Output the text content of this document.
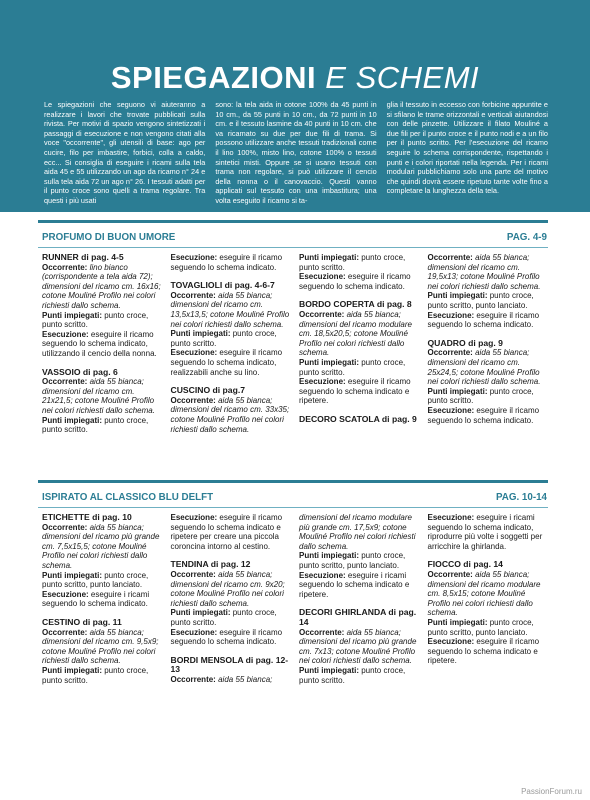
SPIEGAZIONI E SCHEMI
Le spiegazioni che seguono vi aiuteranno a realizzare i lavori che trovate pubblicati sulla rivista. Per motivi di spazio vengono sintetizzati i passaggi di esecuzione e non vengono citati alla voce "occorrente", gli utensili di base: ago per cucire, filo per imbastire, forbici, colla a caldo, ecc... Si consiglia di eseguire i ricami sulla tela aida 45 e 55 utilizzando un ago da ricamo n° 24 e sulla tela aida 72 un ago n° 26. I tessuti adatti per il punto croce sono quelli a trama regolare. Tra questi i più usati
sono: la tela aida in cotone 100% da 45 punti in 10 cm., da 55 punti in 10 cm., da 72 punti in 10 cm. e il tessuto lasmine da 40 punti in 10 cm. che va ricamato su due per due fili di trama. Si possono utilizzare anche tessuti tradizionali come il lino 100%, misto lino, cotone 100% o tessuti sintetici misti. Oppure se si usano tessuti con trama non regolare, si può utilizzare il cencio della nonna o il canovaccio. Questi vanno applicati sul tessuto con una imbastitura; una volta eseguito il ricamo si ta-
glia il tessuto in eccesso con forbicine appuntite e si sfilano le trame orizzontali e verticali aiutandosi con delle pinzette. Utilizzare il filato Mouliné a due fili per il punto croce e il punto nodi e a un filo per il punto scritto. Per l'esecuzione del ricamo seguire lo schema corrispondente, rispettando i punti e i colori riportati nella legenda. Per i ricami modulari pubblichiamo solo una parte del motivo che quindi dovrà essere ripetuto tante volte fino a completare la lunghezza della tela.
PROFUMO DI BUON UMORE	PAG. 4-9
RUNNER di pag. 4-5
Occorrente: lino bianco (corrispondente a tela aida 72); dimensioni del ricamo cm. 16x16; cotone Mouliné Profilo nei colori richiesti dallo schema.
Punti impiegati: punto croce, punto scritto.
Esecuzione: eseguire il ricamo seguendo lo schema indicato, utilizzando il cencio della nonna.
VASSOIO di pag. 6
Occorrente: aida 55 bianca; dimensioni del ricamo cm. 21x21,5; cotone Mouliné Profilo nei colori richiesti dallo schema.
Punti impiegati: punto croce, punto scritto.
Esecuzione: eseguire il ricamo seguendo lo schema indicato.
TOVAGLIOLI di pag. 4-6-7
Occorrente: aida 55 bianca; dimensioni del ricamo cm. 13,5x13,5; cotone Mouliné Profilo nei colori richiesti dallo schema.
Punti impiegati: punto croce, punto scritto.
Esecuzione: eseguire il ricamo seguendo lo schema indicato, realizzabili anche su lino.
CUSCINO di pag.7
Occorrente: aida 55 bianca; dimensioni del ricamo cm. 33x35; cotone Mouliné Profilo nei colori richiesti dallo schema.
Punti impiegati: punto croce, punto scritto.
Esecuzione: eseguire il ricamo seguendo lo schema indicato.
BORDO COPERTA di pag. 8
Occorrente: aida 55 bianca; dimensioni del ricamo modulare cm. 18,5x20,5; cotone Mouliné Profilo nei colori richiesti dallo schema.
Punti impiegati: punto croce, punto scritto.
Esecuzione: eseguire il ricamo seguendo lo schema indicato e ripetere.
DECORO SCATOLA di pag. 9
Occorrente: aida 55 bianca; dimensioni del ricamo cm. 19,5x13; cotone Mouliné Profilo nei colori richiesti dallo schema.
Punti impiegati: punto croce, punto scritto, punto lanciato.
Esecuzione: eseguire il ricamo seguendo lo schema indicato.
QUADRO di pag. 9
Occorrente: aida 55 bianca; dimensioni del ricamo cm. 25x24,5; cotone Mouliné Profilo nei colori richiesti dallo schema.
Punti impiegati: punto croce, punto scritto.
Esecuzione: eseguire il ricamo seguendo lo schema indicato.
ISPIRATO AL CLASSICO BLU DELFT	PAG. 10-14
ETICHETTE di pag. 10
Occorrente: aida 55 bianca; dimensioni del ricamo più grande cm. 7,5x15,5; cotone Mouliné Profilo nei colori richiesti dallo schema.
Punti impiegati: punto croce, punto scritto, punto lanciato.
Esecuzione: eseguire i ricami seguendo lo schema indicato.
CESTINO di pag. 11
Occorrente: aida 55 bianca; dimensioni del ricamo cm. 9,5x9; cotone Mouliné Profilo nei colori richiesti dallo schema.
Punti impiegati: punto croce, punto scritto.
Esecuzione: eseguire il ricamo seguendo lo schema indicato e ripetere per creare una piccola coroncina intorno al cestino.
TENDINA di pag. 12
Occorrente: aida 55 bianca; dimensioni del ricamo cm. 9x20; cotone Mouliné Profilo nei colori richiesti dallo schema.
Punti impiegati: punto croce, punto scritto.
Esecuzione: eseguire il ricamo seguendo lo schema indicato.
BORDI MENSOLA di pag. 12-13
Occorrente: aida 55 bianca;
dimensioni del ricamo modulare più grande cm. 17,5x9; cotone Mouliné Profilo nei colori richiesti dallo schema.
Punti impiegati: punto croce, punto scritto, punto lanciato.
Esecuzione: eseguire i ricami seguendo lo schema indicato e ripetere.
DECORI GHIRLANDA di pag. 14
Occorrente: aida 55 bianca; dimensioni del ricamo più grande cm. 7x13; cotone Mouliné Profilo nei colori richiesti dallo schema.
Punti impiegati: punto croce, punto scritto.
Esecuzione: eseguire i ricami seguendo lo schema indicato, riprodurre più volte i soggetti per arricchire la ghirlanda.
FIOCCO di pag. 14
Occorrente: aida 55 bianca; dimensioni del ricamo modulare cm. 8,5x15; cotone Mouliné Profilo nei colori richiesti dallo schema.
Punti impiegati: punto croce, punto scritto, punto lanciato.
Esecuzione: eseguire il ricamo seguendo lo schema indicato e ripetere.
PassionForum.ru
